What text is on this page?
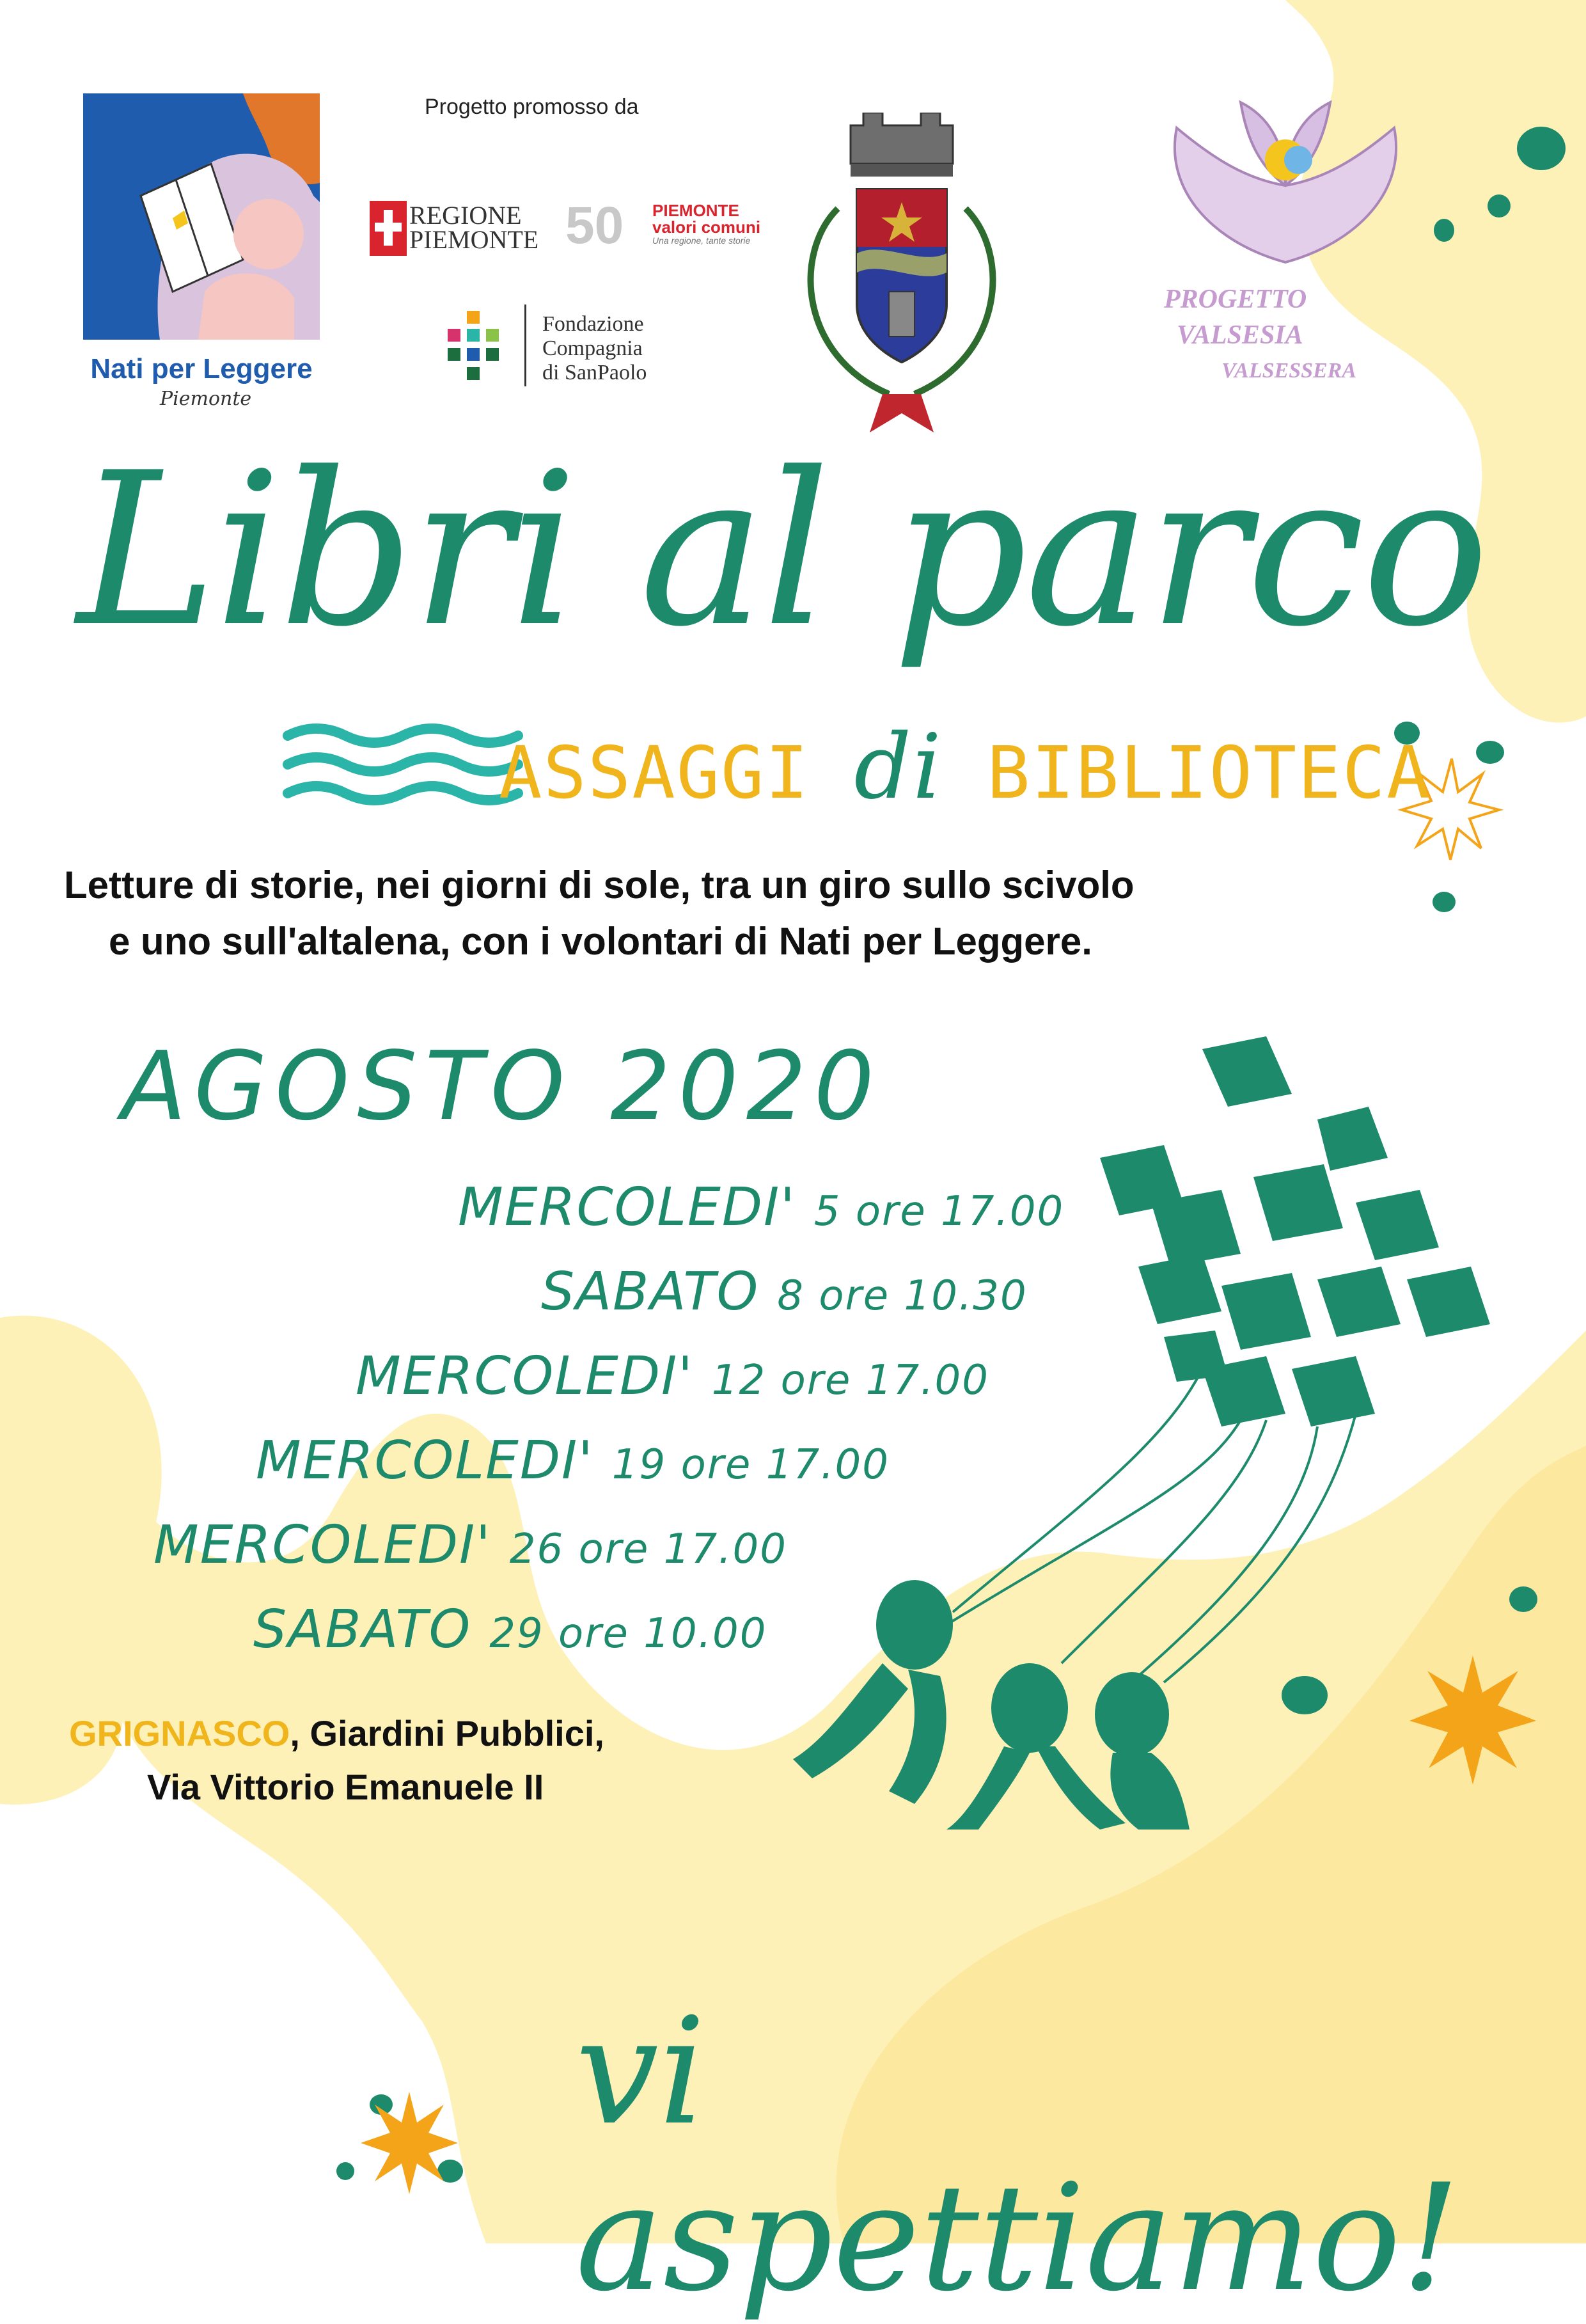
Progetto promosso da
Nati per Leggere
Piemonte
REGIONE
PIEMONTE 50 PIEMONTE
valori comuni
Una regione, tante storie
Fondazione
Compagnia
di SanPaolo
PROGETTO
VALSESIA
VALSESSERA
Libri al parco
ASSAGGI di BIBLIOTECA
Letture di storie, nei giorni di sole, tra un giro sullo scivolo
e uno sull'altalena, con i volontari di Nati per Leggere.
AGOSTO 2020
MERCOLEDI' 5 ore 17.00
SABATO 8 ore 10.30
MERCOLEDI' 12 ore 17.00
MERCOLEDI' 19 ore 17.00
MERCOLEDI' 26 ore 17.00
SABATO 29 ore 10.00
GRIGNASCO, Giardini Pubblici,
Via Vittorio Emanuele II
vi aspettiamo!
